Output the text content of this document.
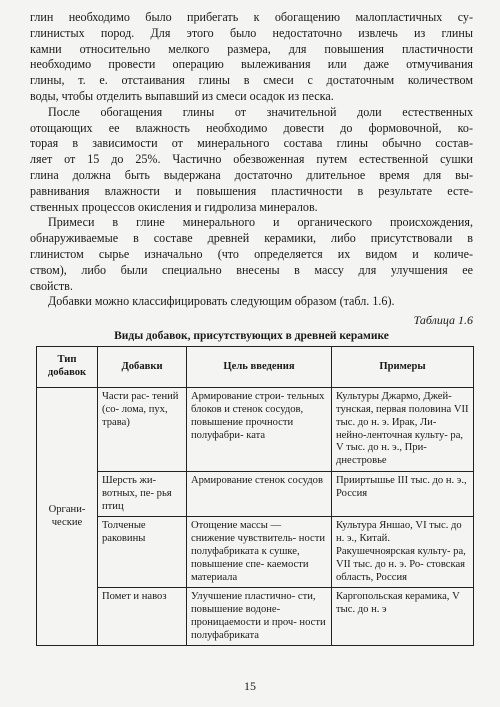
глин необходимо было прибегать к обогащению малопластичных су-
глинистых пород. Для этого было недостаточно извлечь из глины
камни относительно мелкого размера, для повышения пластичности
необходимо провести операцию вылеживания или даже отмучивания
глины, т. е. отстаивания глины в смеси с достаточным количеством
воды, чтобы отделить выпавший из смеси осадок из песка.

После обогащения глины от значительной доли естественных
отощающих ее влажность необходимо довести до формовочной, ко-
торая в зависимости от минерального состава глины обычно состав-
ляет от 15 до 25%. Частично обезвоженная путем естественной сушки
глина должна быть выдержана достаточно длительное время для вы-
равнивания влажности и повышения пластичности в результате есте-
ственных процессов окисления и гидролиза минералов.

Примеси в глине минерального и органического происхождения,
обнаруживаемые в составе древней керамики, либо присутствовали в
глинистом сырье изначально (что определяется их видом и количе-
ством), либо были специально внесены в массу для улучшения ее
свойств.

Добавки можно классифицировать следующим образом (табл. 1.6).

Таблица 1.6
Виды добавок, присутствующих в древней керамике
Тип добавок	Добавки	Цель введения	Примеры
Органи- ческие	Части рас- тений (со- лома, пух, трава)	Армирование строи- тельных блоков и стенок сосудов, повышение прочности полуфабри- ката	Культуры Джармо, Джей- тунская, первая половина VII тыс. до н. э. Ирак, Ли- нейно-ленточная культу- ра, V тыс. до н. э., При- днестровье
	Шерсть жи- вотных, пе- рья птиц	Армирование стенок сосудов	Прииртышье III тыс. до н. э., Россия
	Толченые раковины	Отощение массы — снижение чувствитель- ности полуфабриката к сушке, повышение спе- каемости материала	Культура Яншао, VI тыс. до н. э., Китай. Ракушечноярская культу- ра, VII тыс. до н. э. Ро- стовская область, Россия
	Помет и навоз	Улучшение пластично- сти, повышение водоне- проницаемости и проч- ности полуфабриката	Каргопольская керамика, V тыс. до н. э
15
